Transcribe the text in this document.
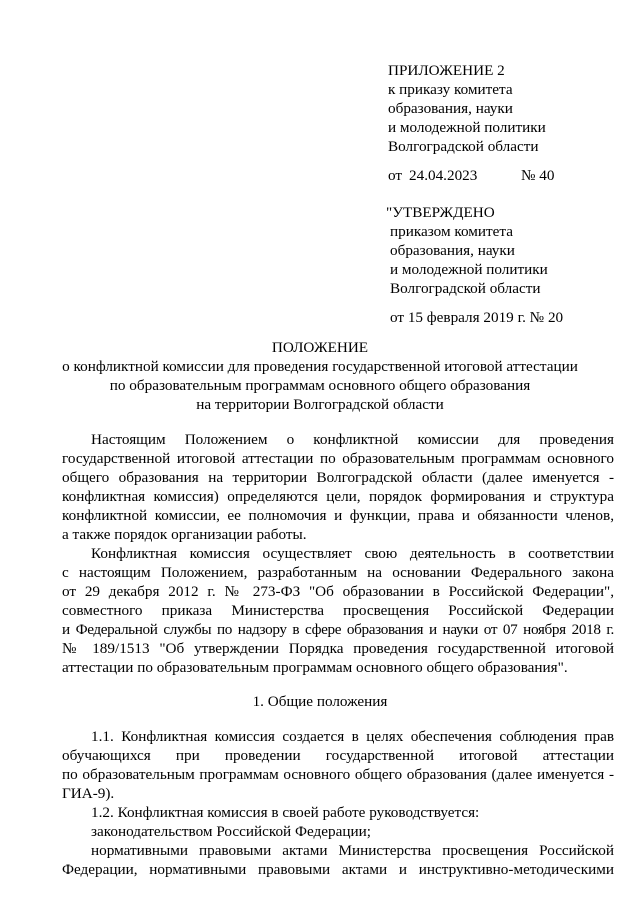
ПРИЛОЖЕНИЕ 2
к приказу комитета
образования, науки
и молодежной политики
Волгоградской области
от 24.04.2023	№ 40
"УТВЕРЖДЕНО
приказом комитета
образования, науки
и молодежной политики
Волгоградской области
от 15 февраля 2019 г. № 20
ПОЛОЖЕНИЕ
о конфликтной комиссии для проведения государственной итоговой аттестации
по образовательным программам основного общего образования
на территории Волгоградской области
Настоящим Положением о конфликтной комиссии для проведения
государственной итоговой аттестации по образовательным программам основного
общего образования на территории Волгоградской области (далее именуется -
конфликтная комиссия) определяются цели, порядок формирования и структура
конфликтной комиссии, ее полномочия и функции, права и обязанности членов,
а также порядок организации работы.
Конфликтная комиссия осуществляет свою деятельность в соответствии
с настоящим Положением, разработанным на основании Федерального закона
от 29 декабря 2012 г. № 273-ФЗ "Об образовании в Российской Федерации",
совместного приказа Министерства просвещения Российской Федерации
и Федеральной службы по надзору в сфере образования и науки от 07 ноября 2018 г.
№ 189/1513 "Об утверждении Порядка проведения государственной итоговой
аттестации по образовательным программам основного общего образования".
1. Общие положения
1.1. Конфликтная комиссия создается в целях обеспечения соблюдения прав
обучающихся при проведении государственной итоговой аттестации
по образовательным программам основного общего образования (далее именуется -
ГИА-9).
1.2. Конфликтная комиссия в своей работе руководствуется:
законодательством Российской Федерации;
нормативными правовыми актами Министерства просвещения Российской
Федерации, нормативными правовыми актами и инструктивно-методическими
